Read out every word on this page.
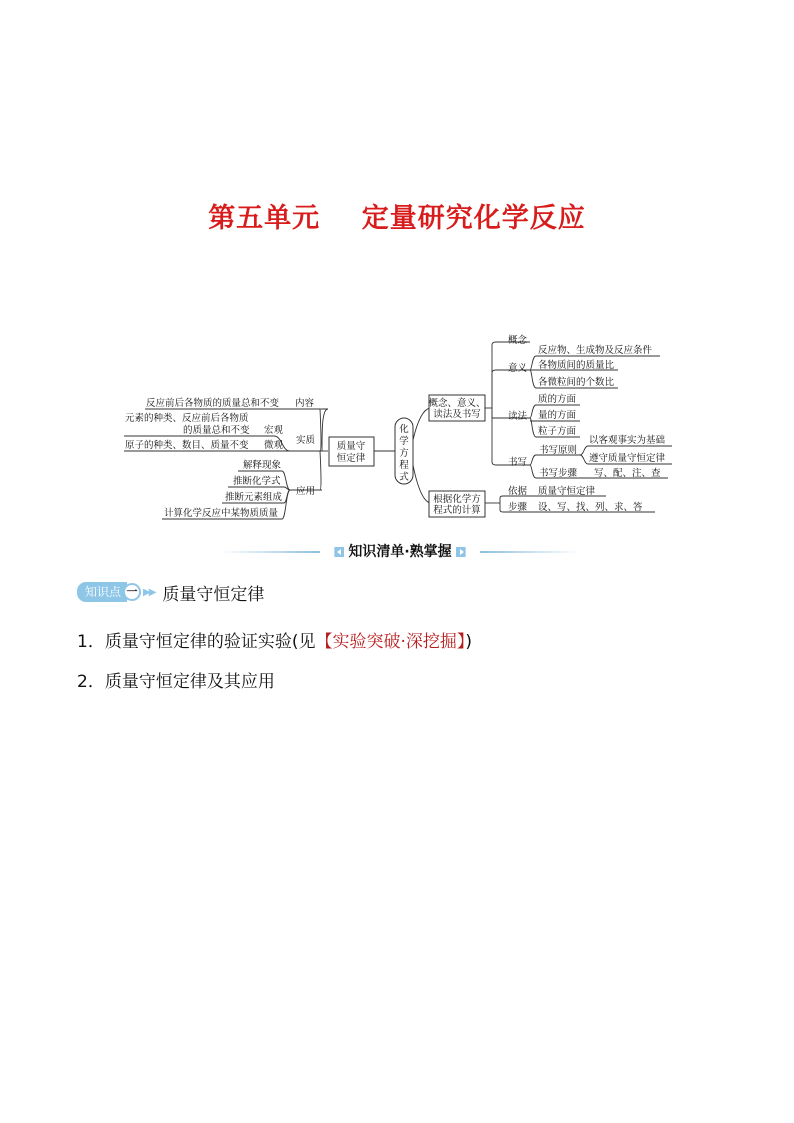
第五单元    定量研究化学反应
质量守
恒定律
化
学
方
程
式
概念、意义、
读法及书写
根据化学方
程式的计算
反应前后各物质的质量总和不变 内容
元素的种类、反应前后各物质
的质量总和不变 宏观
实质
原子的种类、数目、质量不变 微观
解释现象
推断化学式
应用
推断元素组成
计算化学反应中某物质质量
概念
意义
反应物、生成物及反应条件
各物质间的质量比
各微粒间的个数比
读法
质的方面
量的方面
粒子方面
书写
书写原则
以客观事实为基础
遵守质量守恒定律
书写步骤 写、配、注、查
依据 质量守恒定律
步骤 设、写、找、列、求、答
知识清单·熟掌握
知识点 一 ▶▶ 质量守恒定律
1．质量守恒定律的验证实验(见【实验突破·深挖掘】)
2．质量守恒定律及其应用
